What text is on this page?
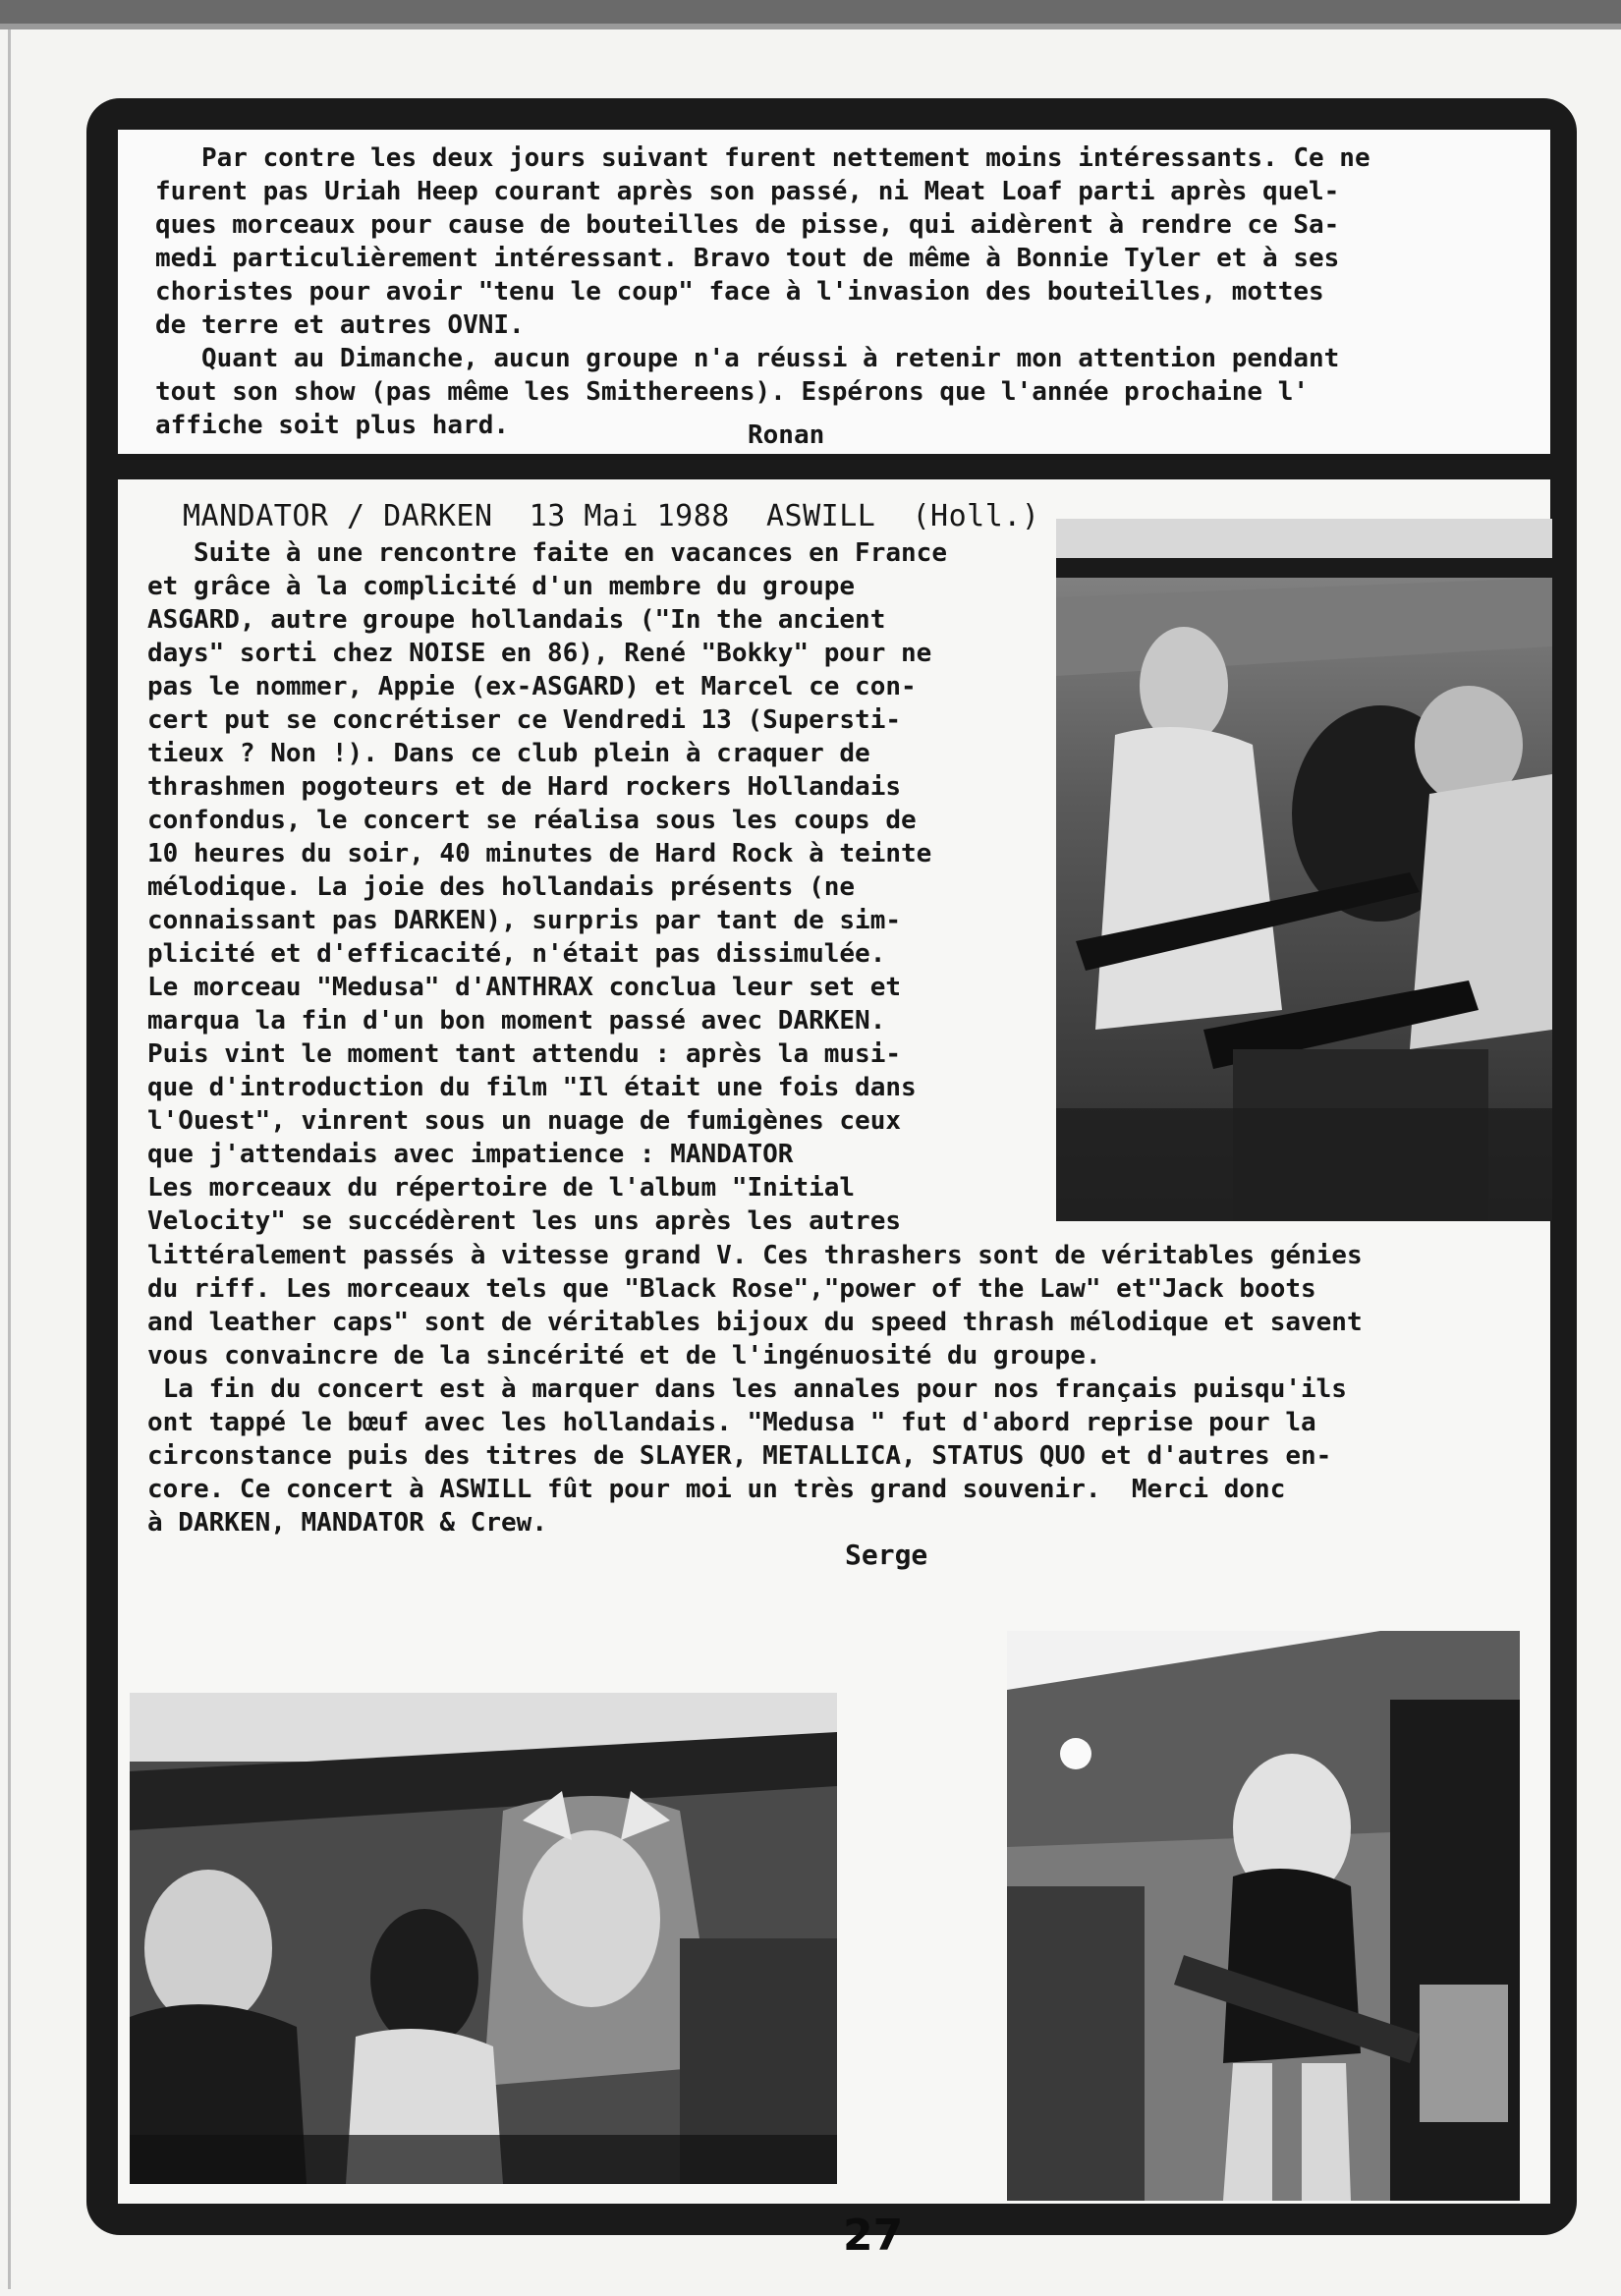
Par contre les deux jours suivant furent nettement moins intéressants. Ce ne
furent pas Uriah Heep courant après son passé, ni Meat Loaf parti après quel-
ques morceaux pour cause de bouteilles de pisse, qui aidèrent à rendre ce Sa-
medi particulièrement intéressant. Bravo tout de même à Bonnie Tyler et à ses
choristes pour avoir "tenu le coup" face à l'invasion des bouteilles, mottes
de terre et autres OVNI.

Quant au Dimanche, aucun groupe n'a réussi à retenir mon attention pendant
tout son show (pas même les Smithereens). Espérons que l'année prochaine l'
affiche soit plus hard.	Ronan
MANDATOR / DARKEN  13 Mai 1988  ASWILL  (Holl.)

Suite à une rencontre faite en vacances en France
et grâce à la complicité d'un membre du groupe
ASGARD, autre groupe hollandais ("In the ancient
days" sorti chez NOISE en 86), René "Bokky" pour ne
pas le nommer, Appie (ex-ASGARD) et Marcel ce con-
cert put se concrétiser ce Vendredi 13 (Supersti-
tieux ? Non !). Dans ce club plein à craquer de
thrashmen pogoteurs et de Hard rockers Hollandais
confondus, le concert se réalisa sous les coups de
10 heures du soir, 40 minutes de Hard Rock à teinte
mélodique. La joie des hollandais présents (ne
connaissant pas DARKEN), surpris par tant de sim-
plicité et d'efficacité, n'était pas dissimulée.
Le morceau "Medusa" d'ANTHRAX conclua leur set et
marqua la fin d'un bon moment passé avec DARKEN.
Puis vint le moment tant attendu : après la musi-
que d'introduction du film "Il était une fois dans
l'Ouest", vinrent sous un nuage de fumigènes ceux
que j'attendais avec impatience : MANDATOR
Les morceaux du répertoire de l'album "Initial
Velocity" se succédèrent les uns après les autres

littéralement passés à vitesse grand V. Ces thrashers sont de véritables génies
du riff. Les morceaux tels que "Black Rose","power of the Law" et"Jack boots
and leather caps" sont de véritables bijoux du speed thrash mélodique et savent
vous convaincre de la sincérité et de l'ingénuosité du groupe.
La fin du concert est à marquer dans les annales pour nos français puisqu'ils
ont tappé le bœuf avec les hollandais. "Medusa " fut d'abord reprise pour la
circonstance puis des titres de SLAYER, METALLICA, STATUS QUO et d'autres en-
core. Ce concert à ASWILL fût pour moi un très grand souvenir.  Merci donc
à DARKEN, MANDATOR & Crew.

Serge
27
